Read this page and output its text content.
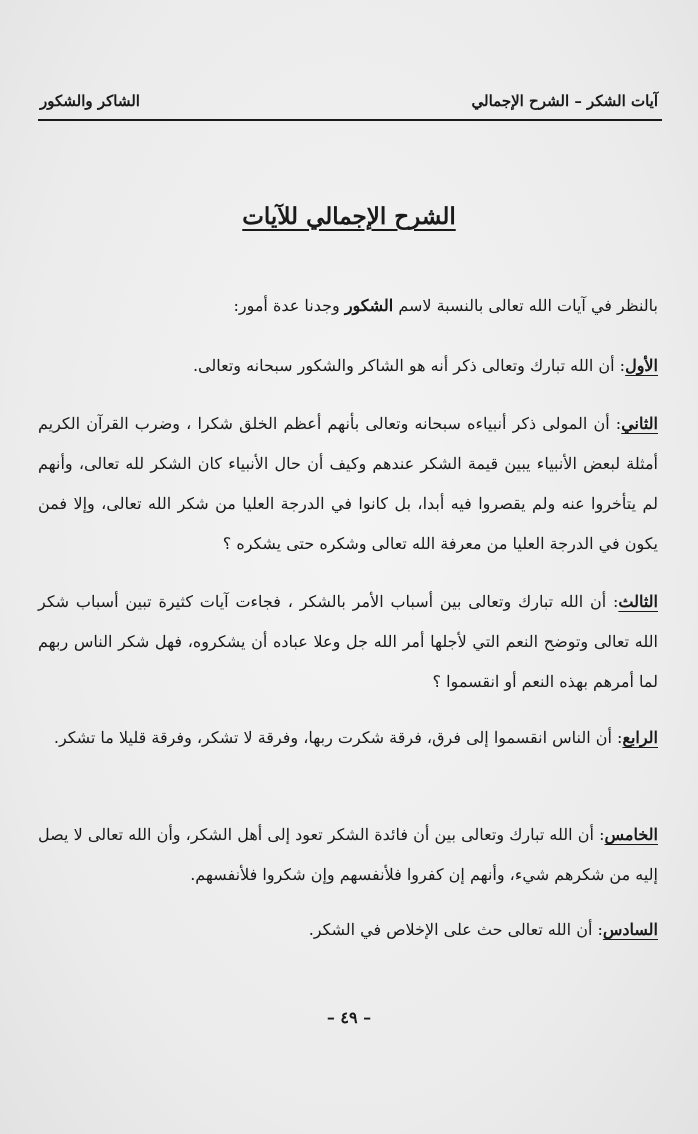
آيات الشكر – الشرح الإجمالي
الشاكر والشكور
الشرح الإجمالي للآيات
بالنظر في آيات الله تعالى بالنسبة لاسم الشكور وجدنا عدة أمور:
الأول: أن الله تبارك وتعالى ذكر أنه هو الشاكر والشكور سبحانه وتعالى.
الثاني: أن المولى ذكر أنبياءه سبحانه وتعالى بأنهم أعظم الخلق شكرا ، وضرب القرآن الكريم أمثلة لبعض الأنبياء يبين قيمة الشكر عندهم وكيف أن حال الأنبياء كان الشكر لله تعالى، وأنهم لم يتأخروا عنه ولم يقصروا فيه أبدا، بل كانوا في الدرجة العليا من شكر الله تعالى، وإلا فمن يكون في الدرجة العليا من معرفة الله تعالى وشكره حتى يشكره ؟
الثالث: أن الله تبارك وتعالى بين أسباب الأمر بالشكر ، فجاءت آيات كثيرة تبين أسباب شكر الله تعالى وتوضح النعم التي لأجلها أمر الله جل وعلا عباده أن يشكروه، فهل شكر الناس ربهم لما أمرهم بهذه النعم أو انقسموا ؟
الرابع: أن الناس انقسموا إلى فرق، فرقة شكرت ربها، وفرقة لا تشكر، وفرقة قليلا ما تشكر.
الخامس: أن الله تبارك وتعالى بين أن فائدة الشكر تعود إلى أهل الشكر، وأن الله تعالى لا يصل إليه من شكرهم شيء، وأنهم إن كفروا فلأنفسهم وإن شكروا فلأنفسهم.
السادس: أن الله تعالى حث على الإخلاص في الشكر.
– ٤٩ –
